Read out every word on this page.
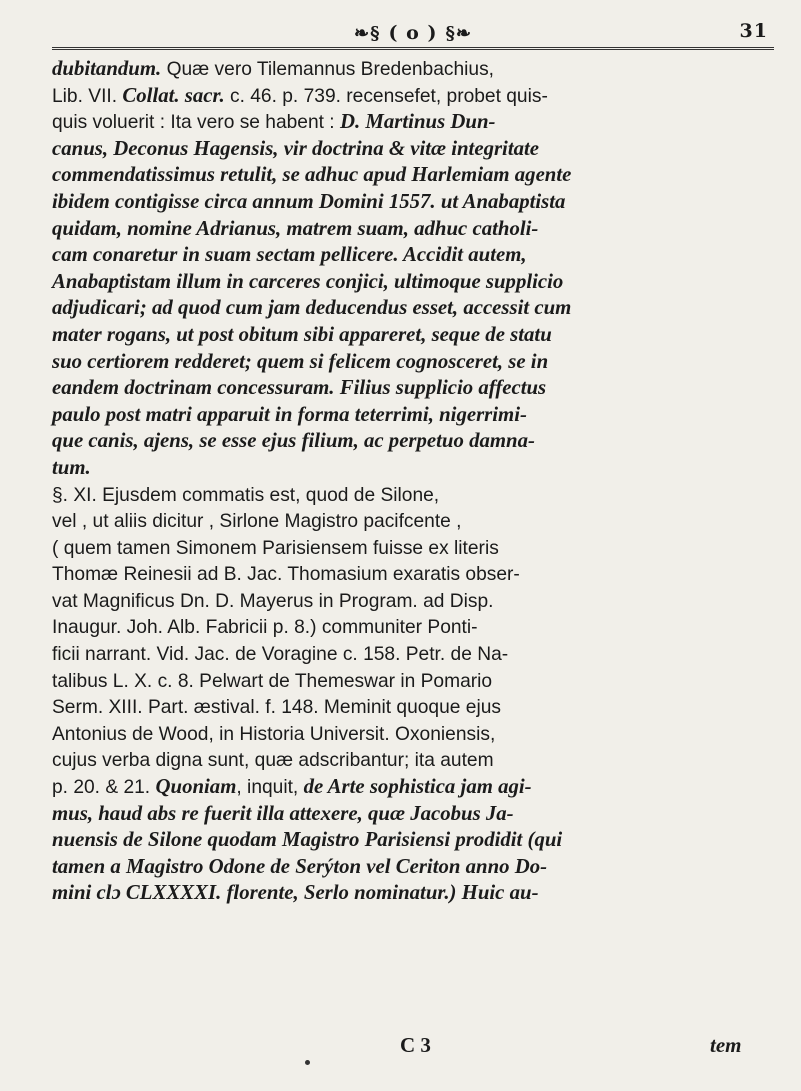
❧§ ( o ) §❧	31
dubitandum. Quæ vero Tilemannus Bredenbachius,
Lib. VII. Collat. sacr. c. 46. p. 739. recensefet, probet quis-
quis voluerit : Ita vero se habent : D. Martinus Dun-
canus, Deconus Hagensis, vir doctrina & vitæ integritate
commendatissimus retulit, se adhuc apud Harlemiam agente
ibidem contigisse circa annum Domini 1557. ut Anabaptista
quidam, nomine Adrianus, matrem suam, adhuc catholi-
cam conaretur in suam sectam pellicere. Accidit autem,
Anabaptistam illum in carceres conjici, ultimoque supplicio
adjudicari; ad quod cum jam deducendus esset, accessit cum
mater rogans, ut post obitum sibi appareret, seque de statu
suo certiorem redderet; quem si felicem cognosceret, se in
eandem doctrinam concessuram. Filius supplicio affectus
paulo post matri apparuit in forma teterrimi, nigerrimi-
que canis, ajens, se esse ejus filium, ac perpetuo damna-
tum.
§. XI. Ejusdem commatis est, quod de Silone,
vel , ut aliis dicitur , Sirlone Magistro pacifcente ,
( quem tamen Simonem Parisiensem fuisse ex literis
Thomæ Reinesii ad B. Jac. Thomasium exaratis obser-
vat Magnificus Dn. D. Mayerus in Program. ad Disp.
Inaugur. Joh. Alb. Fabricii p. 8.) communiter Ponti-
ficii narrant. Vid. Jac. de Voragine c. 158. Petr. de Na-
talibus L. X. c. 8. Pelwart de Themeswar in Pomario
Serm. XIII. Part. æstival. f. 148. Meminit quoque ejus
Antonius de Wood, in Historia Universit. Oxoniensis,
cujus verba digna sunt, quæ adscribantur; ita autem
p. 20. & 21. Quoniam, inquit, de Arte sophistica jam agi-
mus, haud abs re fuerit illa attexere, quæ Jacobus Ja-
nuensis de Silone quodam Magistro Parisiensi prodidit (qui
tamen a Magistro Odone de Serýton vel Ceriton anno Do-
mini clɔ CLXXXXI. florente, Serlo nominatur.) Huic au-
C 3	tem
